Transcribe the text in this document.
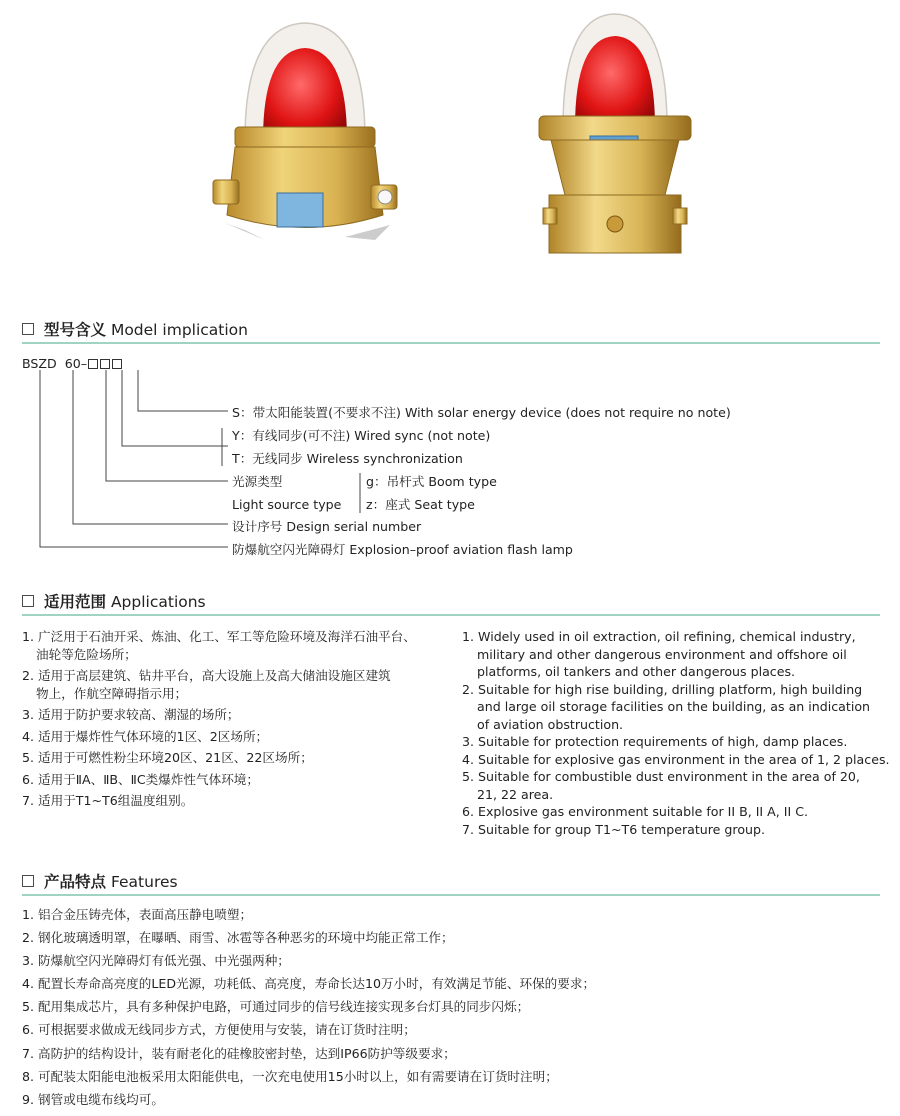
型号含义 Model implication
BSZD 60–
S：带太阳能装置(不要求不注) With solar energy device (does not require no note)
Y：有线同步(可不注) Wired sync (not note)
T：无线同步 Wireless synchronization
光源类型
Light source type
g：吊杆式 Boom type
z：座式 Seat type
设计序号 Design serial number
防爆航空闪光障碍灯 Explosion–proof aviation flash lamp
适用范围 Applications
1. 广泛用于石油开采、炼油、化工、军工等危险环境及海洋石油平台、
油轮等危险场所；
2. 适用于高层建筑、钻井平台，高大设施上及高大储油设施区建筑
物上，作航空障碍指示用；
3. 适用于防护要求较高、潮湿的场所；
4. 适用于爆炸性气体环境的1区、2区场所；
5. 适用于可燃性粉尘环境20区、21区、22区场所；
6. 适用于ⅡA、ⅡB、ⅡC类爆炸性气体环境；
7. 适用于T1~T6组温度组别。
1. Widely used in oil extraction, oil refining, chemical industry,
military and other dangerous environment and offshore oil
platforms, oil tankers and other dangerous places.
2. Suitable for high rise building, drilling platform, high building
and large oil storage facilities on the building, as an indication
of aviation obstruction.
3. Suitable for protection requirements of high, damp places.
4. Suitable for explosive gas environment in the area of 1, 2 places.
5. Suitable for combustible dust environment in the area of 20,
21, 22 area.
6. Explosive gas environment suitable for II B, II A, II C.
7. Suitable for group T1~T6 temperature group.
产品特点 Features
1. 铝合金压铸壳体，表面高压静电喷塑；
2. 钢化玻璃透明罩，在曝晒、雨雪、冰雹等各种恶劣的环境中均能正常工作；
3. 防爆航空闪光障碍灯有低光强、中光强两种；
4. 配置长寿命高亮度的LED光源，功耗低、高亮度，寿命长达10万小时，有效满足节能、环保的要求；
5. 配用集成芯片，具有多种保护电路，可通过同步的信号线连接实现多台灯具的同步闪烁；
6. 可根据要求做成无线同步方式，方便使用与安装，请在订货时注明；
7. 高防护的结构设计，装有耐老化的硅橡胶密封垫，达到IP66防护等级要求；
8. 可配装太阳能电池板采用太阳能供电，一次充电使用15小时以上，如有需要请在订货时注明；
9. 钢管或电缆布线均可。
